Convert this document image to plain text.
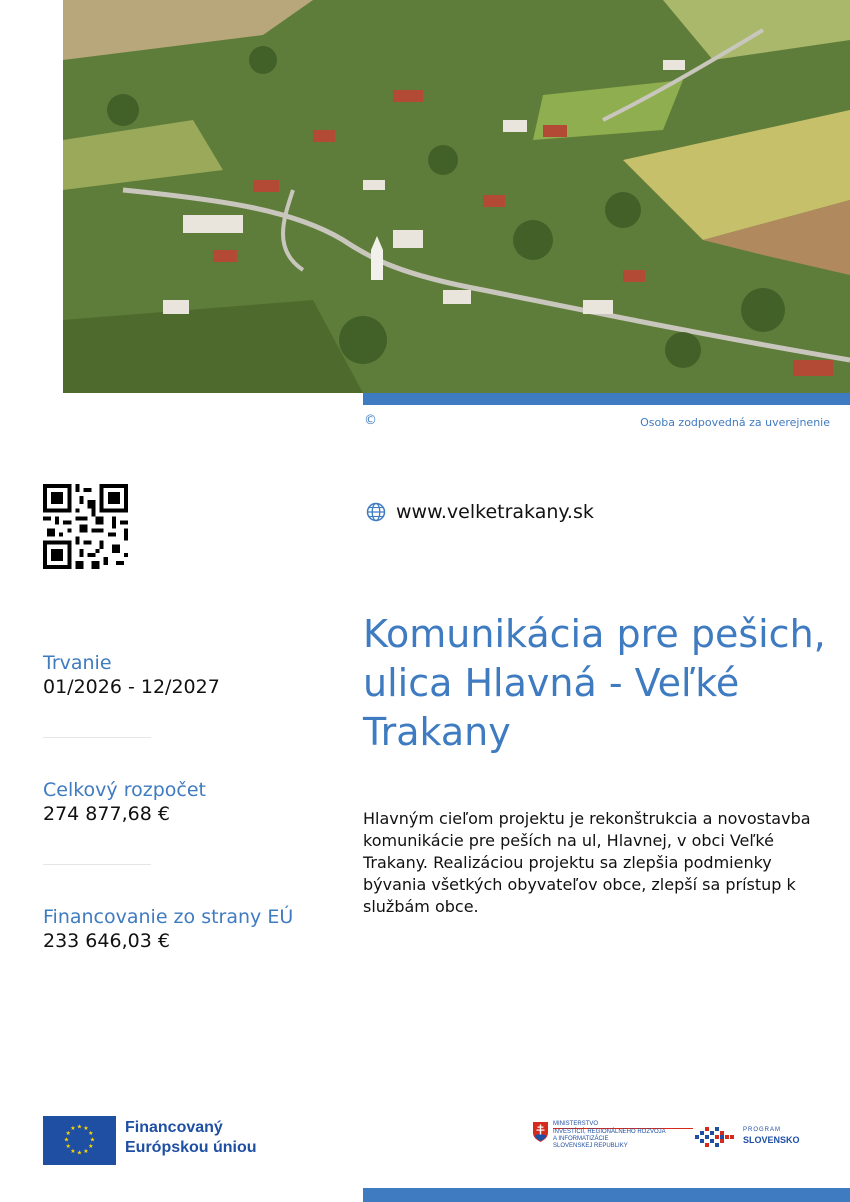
©	Osoba zodpovedná za uverejnenie
www.velketrakany.sk
Komunikácia pre pešich, ulica Hlavná - Veľké Trakany

Hlavným cieľom projektu je rekonštrukcia a novostavba komunikácie pre peších na ul, Hlavnej, v obci Veľké Trakany. Realizáciou projektu sa zlepšia podmienky bývania všetkých obyvateľov obce, zlepší sa prístup k službám obce.

Trvanie
01/2026 - 12/2027
Celkový rozpočet
274 877,68 €
Financovanie zo strany EÚ
233 646,03 €
★ ★
★
★
★
★
★
★
★
★
★
★	Financovaný
Európskou úniou
MINISTERSTVO
INVESTÍCIÍ, REGIONÁLNEHO ROZVOJA
A INFORMATIZÁCIE
SLOVENSKEJ REPUBLIKY
PROGRAM
SLOVENSKO
